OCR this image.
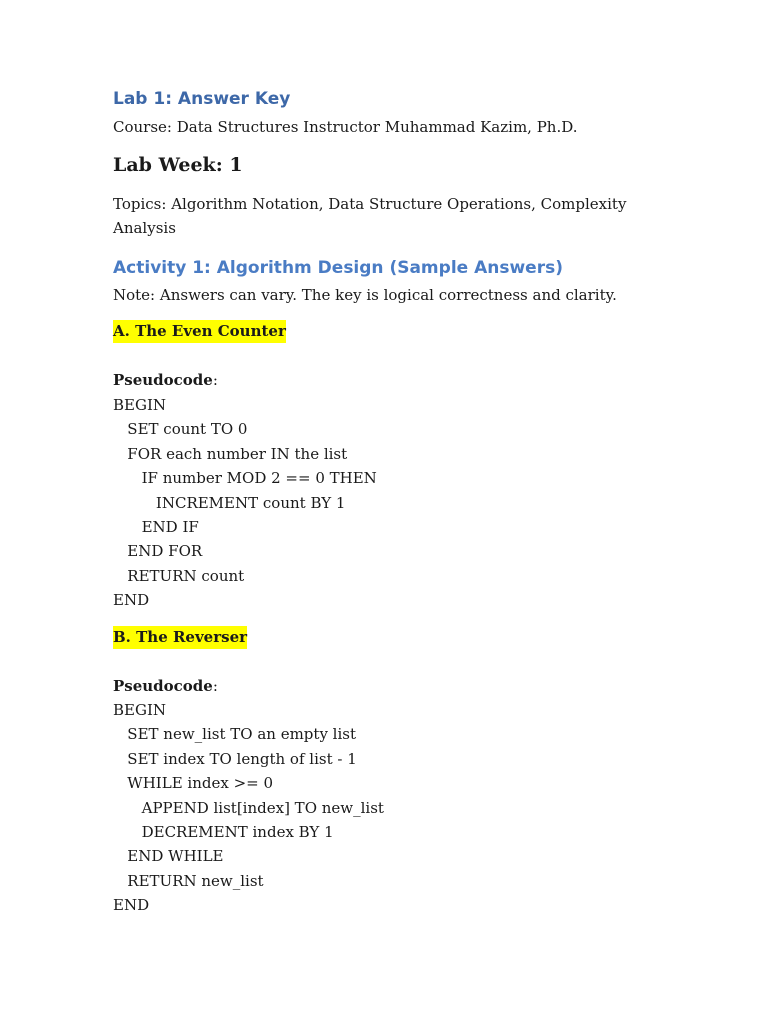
Lab 1: Answer Key

Course: Data Structures Instructor Muhammad Kazim, Ph.D.

Lab Week: 1

Topics: Algorithm Notation, Data Structure Operations, Complexity

Analysis

Activity 1: Algorithm Design (Sample Answers)

Note: Answers can vary. The key is logical correctness and clarity.

A. The Even Counter

Pseudocode:

BEGIN
SET count TO 0
FOR each number IN the list
IF number MOD 2 == 0 THEN
INCREMENT count BY 1
END IF
END FOR
RETURN count
END
B. The Reverser

Pseudocode:

BEGIN
SET new_list TO an empty list
SET index TO length of list - 1
WHILE index >= 0
APPEND list[index] TO new_list
DECREMENT index BY 1
END WHILE
RETURN new_list
END
